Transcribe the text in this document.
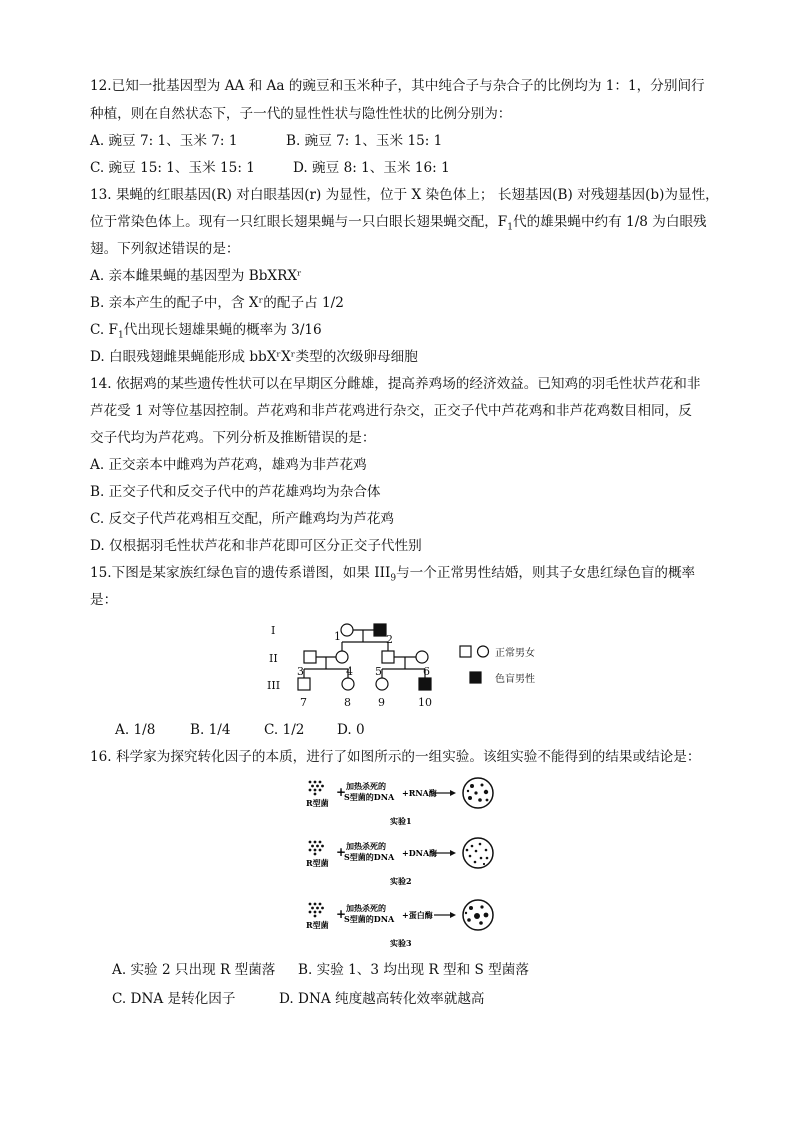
12.已知一批基因型为 AA 和 Aa 的豌豆和玉米种子，其中纯合子与杂合子的比例均为 1：1，分别间行
种植，则在自然状态下，子一代的显性性状与隐性性状的比例分别为：
A. 豌豆 7: 1、玉米 7: 1	B. 豌豆 7: 1、玉米 15: 1
C. 豌豆 15: 1、玉米 15: 1	D. 豌豆 8: 1、玉米 16: 1
13. 果蝇的红眼基因(R) 对白眼基因(r) 为显性，位于 X 染色体上； 长翅基因(B) 对残翅基因(b)为显性，
位于常染色体上。现有一只红眼长翅果蝇与一只白眼长翅果蝇交配，$F_1$代的雄果蝇中约有 1/8 为白眼残
翅。下列叙述错误的是：
A. 亲本雌果蝇的基因型为 BbXRXʳ
B. 亲本产生的配子中，含 Xʳ的配子占 1/2
C. $F_1$代出现长翅雄果蝇的概率为 3/16
D. 白眼残翅雌果蝇能形成 bbXʳXʳ类型的次级卵母细胞
14. 依据鸡的某些遗传性状可以在早期区分雌雄，提高养鸡场的经济效益。已知鸡的羽毛性状芦花和非
芦花受 1 对等位基因控制。芦花鸡和非芦花鸡进行杂交，正交子代中芦花鸡和非芦花鸡数目相同，反
交子代均为芦花鸡。下列分析及推断错误的是：
A. 正交亲本中雌鸡为芦花鸡，雄鸡为非芦花鸡
B. 正交子代和反交子代中的芦花雄鸡均为杂合体
C. 反交子代芦花鸡相互交配，所产雌鸡均为芦花鸡
D. 仅根据羽毛性状芦花和非芦花即可区分正交子代性别
15.下图是某家族红绿色盲的遗传系谱图，如果 $III_9$与一个正常男性结婚，则其子女患红绿色盲的概率
是：
I
II
III
1	2
3	4 5	6
7	8 9	10
正常男女
色盲男性
A. 1/8	B. 1/4 C. 1/2 D. 0
16. 科学家为探究转化因子的本质，进行了如图所示的一组实验。该组实验不能得到的结果或结论是：
R型菌
+ 加热杀死的
S型菌的DNA +RNA酶
实验1
R型菌
+ 加热杀死的
S型菌的DNA +DNA酶
实验2
R型菌
+ 加热杀死的
S型菌的DNA +蛋白酶
实验3
A. 实验 2 只出现 R 型菌落 B. 实验 1、3 均出现 R 型和 S 型菌落
C. DNA 是转化因子	D. DNA 纯度越高转化效率就越高
